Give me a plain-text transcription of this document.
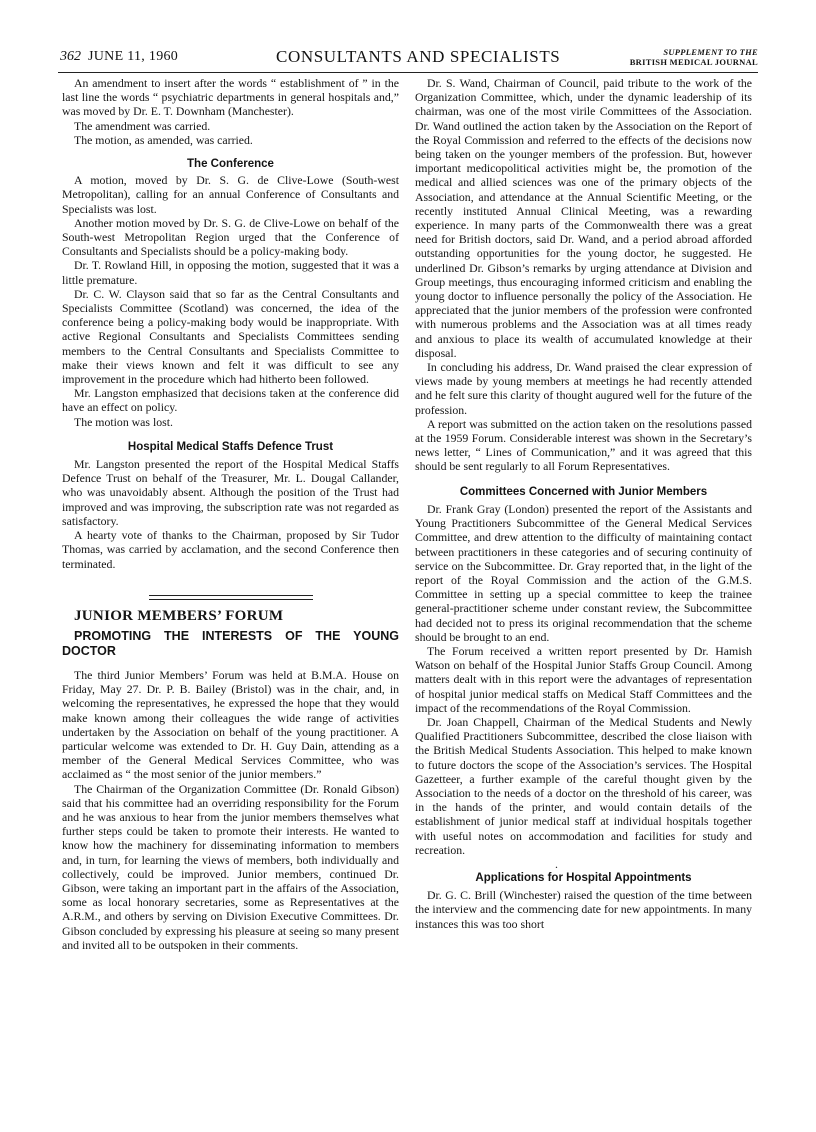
362 JUNE 11, 1960	CONSULTANTS AND SPECIALISTS	SUPPLEMENT TO THE
BRITISH MEDICAL JOURNAL

An amendment to insert after the words “ establishment of ” in the last line the words “ psychiatric departments in general hospitals and,” was moved by Dr. E. T. Downham (Manchester).

The amendment was carried.

The motion, as amended, was carried.

The Conference

A motion, moved by Dr. S. G. de Clive-Lowe (South-west Metropolitan), calling for an annual Conference of Consultants and Specialists was lost.

Another motion moved by Dr. S. G. de Clive-Lowe on behalf of the South-west Metropolitan Region urged that the Conference of Consultants and Specialists should be a policy-making body.

Dr. T. Rowland Hill, in opposing the motion, suggested that it was a little premature.

Dr. C. W. Clayson said that so far as the Central Consultants and Specialists Committee (Scotland) was concerned, the idea of the conference being a policy-making body would be inappropriate. With active Regional Consultants and Specialists Committees sending members to the Central Consultants and Specialists Committee to make their views known and felt it was difficult to see any improvement in the procedure which had hitherto been followed.

Mr. Langston emphasized that decisions taken at the conference did have an effect on policy.

The motion was lost.

Hospital Medical Staffs Defence Trust

Mr. Langston presented the report of the Hospital Medical Staffs Defence Trust on behalf of the Treasurer, Mr. L. Dougal Callander, who was unavoidably absent. Although the position of the Trust had improved and was improving, the subscription rate was not regarded as satisfactory.

A hearty vote of thanks to the Chairman, proposed by Sir Tudor Thomas, was carried by acclamation, and the second Conference then terminated.

JUNIOR MEMBERS’ FORUM

PROMOTING THE INTERESTS OF THE YOUNG DOCTOR

The third Junior Members’ Forum was held at B.M.A. House on Friday, May 27. Dr. P. B. Bailey (Bristol) was in the chair, and, in welcoming the representatives, he expressed the hope that they would make known among their colleagues the wide range of activities undertaken by the Association on behalf of the young practitioner. A particular welcome was extended to Dr. H. Guy Dain, attending as a member of the General Medical Services Committee, who was acclaimed as “ the most senior of the junior members.”

The Chairman of the Organization Committee (Dr. Ronald Gibson) said that his committee had an overriding responsibility for the Forum and he was anxious to hear from the junior members themselves what further steps could be taken to promote their interests. He wanted to know how the machinery for disseminating information to members and, in turn, for learning the views of members, both individually and collectively, could be improved. Junior members, continued Dr. Gibson, were taking an important part in the affairs of the Association, some as local honorary secretaries, some as Representatives at the A.R.M., and others by serving on Division Executive Committees. Dr. Gibson concluded by expressing his pleasure at seeing so many present and invited all to be outspoken in their comments.

Dr. S. Wand, Chairman of Council, paid tribute to the work of the Organization Committee, which, under the dynamic leadership of its chairman, was one of the most virile Committees of the Association. Dr. Wand outlined the action taken by the Association on the Report of the Royal Commission and referred to the effects of the decisions now being taken on the younger members of the profession. But, however important medicopolitical activities might be, the promotion of the medical and allied sciences was one of the primary objects of the Association, and attendance at the Annual Scientific Meeting, or the recently instituted Annual Clinical Meeting, was a rewarding experience. In many parts of the Commonwealth there was a great need for British doctors, said Dr. Wand, and a period abroad afforded outstanding opportunities for the young doctor, he suggested. He underlined Dr. Gibson’s remarks by urging attendance at Division and Group meetings, thus encouraging informed criticism and enabling the young doctor to influence personally the policy of the Association. He appreciated that the junior members of the profession were confronted with numerous problems and the Association was at all times ready and anxious to place its wealth of accumulated knowledge at their disposal.

In concluding his address, Dr. Wand praised the clear expression of views made by young members at meetings he had recently attended and he felt sure this clarity of thought augured well for the future of the profession.

A report was submitted on the action taken on the resolutions passed at the 1959 Forum. Considerable interest was shown in the Secretary’s news letter, “ Lines of Communication,” and it was agreed that this should be sent regularly to all Forum Representatives.

Committees Concerned with Junior Members

Dr. Frank Gray (London) presented the report of the Assistants and Young Practitioners Subcommittee of the General Medical Services Committee, and drew attention to the difficulty of maintaining contact between practitioners in these categories and of securing continuity of service on the Subcommittee. Dr. Gray reported that, in the light of the report of the Royal Commission and the action of the G.M.S. Committee in setting up a special committee to keep the trainee general-practitioner scheme under constant review, the Subcommittee had decided not to press its original recommendation that the scheme should be brought to an end.

The Forum received a written report presented by Dr. Hamish Watson on behalf of the Hospital Junior Staffs Group Council. Among matters dealt with in this report were the advantages of representation of hospital junior medical staffs on Medical Staff Committees and the impact of the recommendations of the Royal Commission.

Dr. Joan Chappell, Chairman of the Medical Students and Newly Qualified Practitioners Subcommittee, described the close liaison with the British Medical Students Association. This helped to make known to future doctors the scope of the Association’s services. The Hospital Gazetteer, a further example of the careful thought given by the Association to the needs of a doctor on the threshold of his career, was in the hands of the printer, and would contain details of the establishment of junior medical staff at individual hospitals together with useful notes on accommodation and facilities for study and recreation.

.
Applications for Hospital Appointments

Dr. G. C. Brill (Winchester) raised the question of the time between the interview and the commencing date for new appointments. In many instances this was too short
